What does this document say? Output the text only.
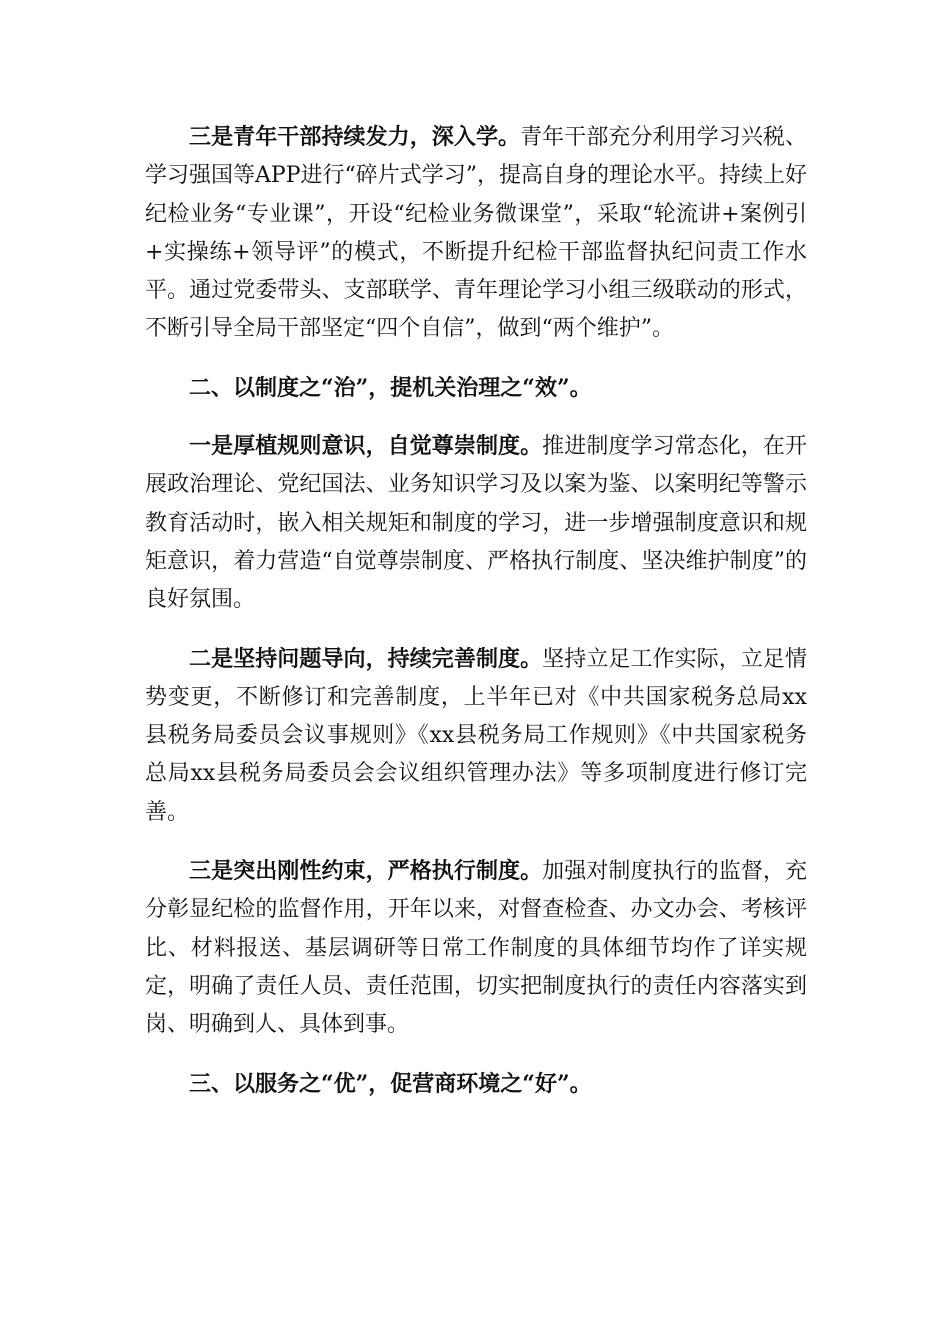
三是青年干部持续发力，深入学。青年干部充分利用学习兴税、学习强国等APP进行“碎片式学习”，提高自身的理论水平。持续上好纪检业务“专业课”，开设“纪检业务微课堂”，采取“轮流讲+案例引+实操练+领导评”的模式，不断提升纪检干部监督执纪问责工作水平。通过党委带头、支部联学、青年理论学习小组三级联动的形式，不断引导全局干部坚定“四个自信”，做到“两个维护”。

二、以制度之“治”，提机关治理之“效”。

一是厚植规则意识，自觉尊崇制度。推进制度学习常态化，在开展政治理论、党纪国法、业务知识学习及以案为鉴、以案明纪等警示教育活动时，嵌入相关规矩和制度的学习，进一步增强制度意识和规矩意识，着力营造“自觉尊崇制度、严格执行制度、坚决维护制度”的良好氛围。

二是坚持问题导向，持续完善制度。坚持立足工作实际，立足情势变更，不断修订和完善制度，上半年已对《中共国家税务总局xx县税务局委员会议事规则》《xx县税务局工作规则》《中共国家税务总局xx县税务局委员会会议组织管理办法》等多项制度进行修订完善。

三是突出刚性约束，严格执行制度。加强对制度执行的监督，充分彰显纪检的监督作用，开年以来，对督查检查、办文办会、考核评比、材料报送、基层调研等日常工作制度的具体细节均作了详实规定，明确了责任人员、责任范围，切实把制度执行的责任内容落实到岗、明确到人、具体到事。

三、以服务之“优”，促营商环境之“好”。
